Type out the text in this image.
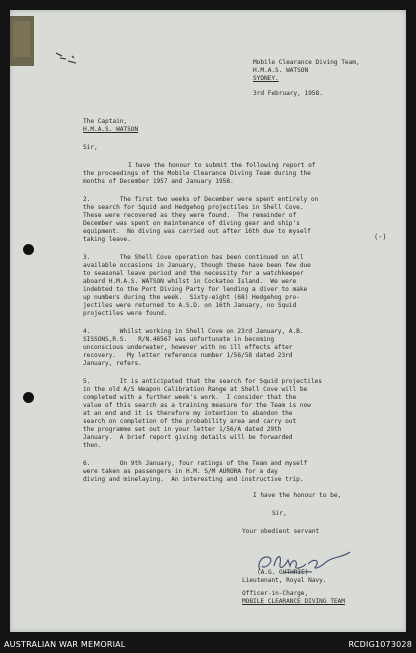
Mobile Clearance Diving Team,
H.M.A.S. WATSON
SYDNEY.
3rd February, 1958.
The Captain,
H.M.A.S. WATSON
Sir,
I have the honour to submit the following report of
the proceedings of the Mobile Clearance Diving Team during the
months of December 1957 and January 1958.
2.        The first two weeks of December were spent entirely on
the search for Squid and Hedgehog projectiles in Shell Cove.
These were recovered as they were found.  The remainder of
December was spent on maintenance of diving gear and ship's
equipment.  No diving was carried out after 16th due to myself
taking leave.	(-)
3.        The Shell Cove operation has been continued on all
available occasions in January, though these have been few due
to seasonal leave period and the necessity for a watchkeeper
aboard H.M.A.S. WATSON whilst in Cockatoo Island.  We were
indebted to the Port Diving Party for lending a diver to make
up numbers during the week.  Sixty-eight (68) Hedgehog pro-
jectiles were returned to A.S.D. on 16th January, no Squid
projectiles were found.
4.        Whilst working in Shell Cove on 23rd January, A.B.
SISSONS,R.S.   R/N.46567 was unfortunate in becoming
unconscious underwater, however with no ill effects after
recovery.   My letter reference number 1/56/58 dated 23rd
January, refers.
5.        It is anticipated that the search for Squid projectiles
in the old A/S Weapon Calibration Range at Shell Cove will be
completed with a further week's work.  I consider that the
value of this search as a training measure for the Team is now
at an end and it is therefore my intention to abandon the
search on completion of the probability area and carry out
the programme set out in your letter 1/56/A dated 29th
January.  A brief report giving details will be forwarded
then.
6.        On 9th January, four ratings of the Team and myself
were taken as passengers in H.M. S/M AURORA for a day
diving and minelaying.  An interesting and instructive trip.
I have the honour to be,
Sir,
Your obedient servant
(A.G. GUTHRIE)
Lieutenant, Royal Navy.
Officer-in-Charge,
MOBILE CLEARANCE DIVING TEAM
AUSTRALIAN WAR MEMORIAL	RCDIG1073028
